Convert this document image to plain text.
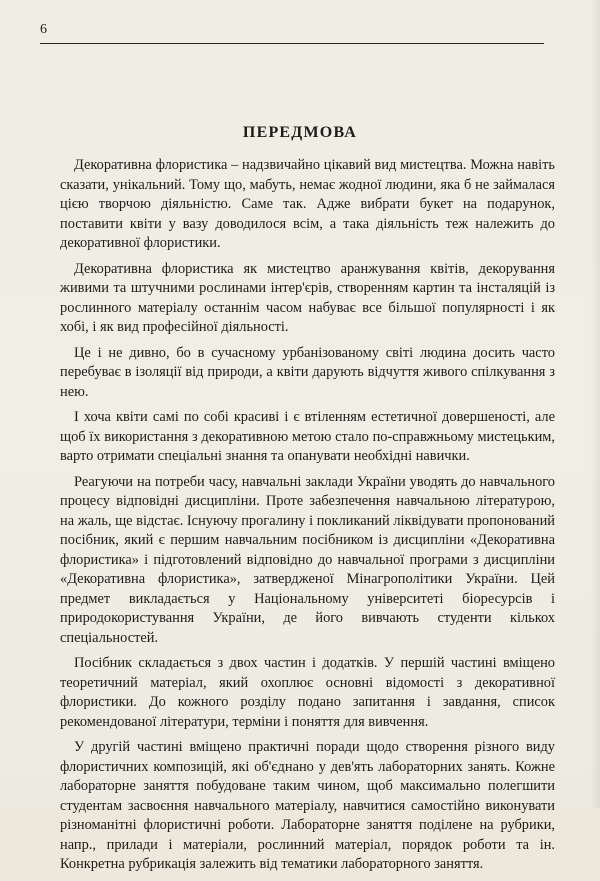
6
ПЕРЕДМОВА

Декоративна флористика – надзвичайно цікавий вид мистецтва. Можна навіть сказати, унікальний. Тому що, мабуть, немає жодної людини, яка б не займалася цією творчою діяльністю. Саме так. Адже вибрати букет на подарунок, поставити квіти у вазу доводилося всім, а така діяльність теж належить до декоративної флористики.

Декоративна флористика як мистецтво аранжування квітів, декорування живими та штучними рослинами інтер'єрів, створенням картин та інсталяцій із рослинного матеріалу останнім часом набуває все більшої популярності і як хобі, і як вид професійної діяльності.

Це і не дивно, бо в сучасному урбанізованому світі людина досить часто перебуває в ізоляції від природи, а квіти дарують відчуття живого спілкування з нею.

І хоча квіти самі по собі красиві і є втіленням естетичної довершеності, але щоб їх використання з декоративною метою стало по-справжньому мистецьким, варто отримати спеціальні знання та опанувати необхідні навички.

Реагуючи на потреби часу, навчальні заклади України уводять до навчального процесу відповідні дисципліни. Проте забезпечення навчальною літературою, на жаль, ще відстає. Існуючу прогалину і покликаний ліквідувати пропонований посібник, який є першим навчальним посібником із дисципліни «Декоративна флористика» і підготовлений відповідно до навчальної програми з дисципліни «Декоративна флористика», затвердженої Мінагрополітики України. Цей предмет викладається у Національному університеті біоресурсів і природокористування України, де його вивчають студенти кількох спеціальностей.

Посібник складається з двох частин і додатків. У першій частині вміщено теоретичний матеріал, який охоплює основні відомості з декоративної флористики. До кожного розділу подано запитання і завдання, список рекомендованої літератури, терміни і поняття для вивчення.

У другій частині вміщено практичні поради щодо створення різного виду флористичних композицій, які об'єднано у дев'ять лабораторних занять. Кожне лабораторне заняття побудоване таким чином, щоб максимально полегшити студентам засвоєння навчального матеріалу, навчитися самостійно виконувати різноманітні флористичні роботи. Лабораторне заняття поділене на рубрики, напр., прилади і матеріали, рослинний матеріал, порядок роботи та ін. Конкретна рубрикація залежить від тематики лабораторного заняття.
